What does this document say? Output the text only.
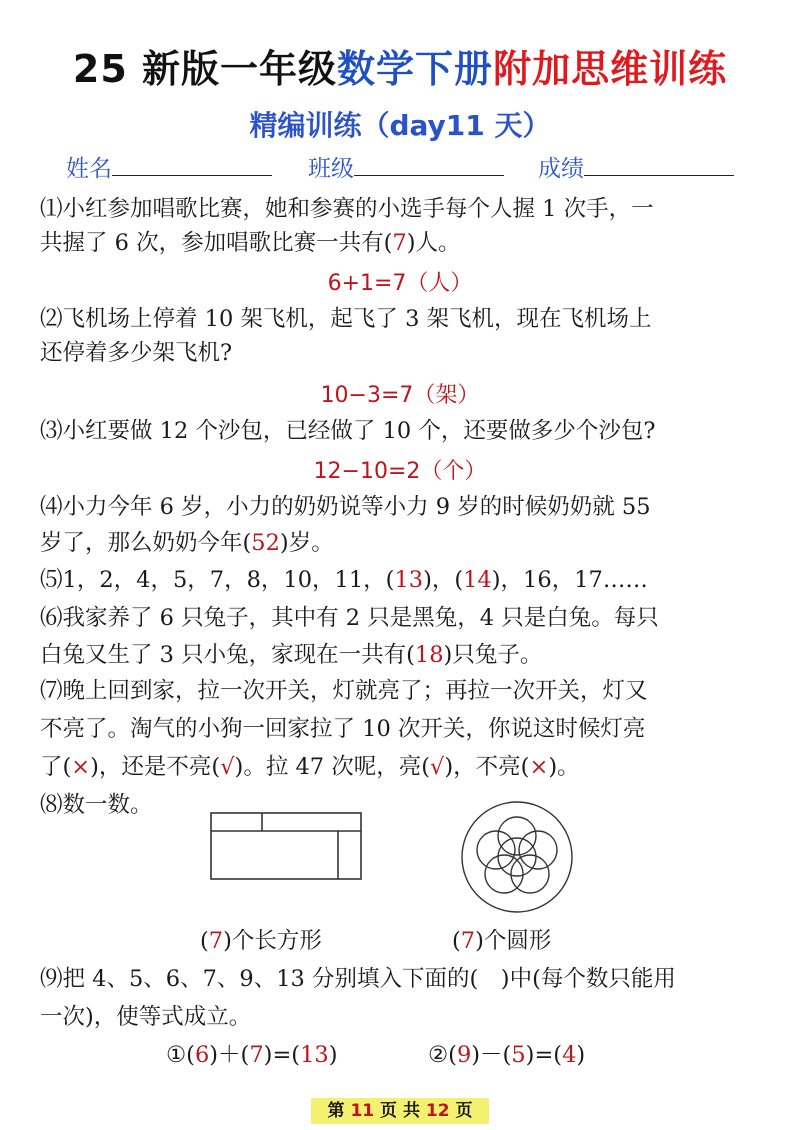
25 新版一年级数学下册附加思维训练
精编训练（day11 天）
姓名	班级	成绩
⑴小红参加唱歌比赛，她和参赛的小选手每个人握 1 次手，一
共握了 6 次，参加唱歌比赛一共有(7)人。
6+1=7（人）
⑵飞机场上停着 10 架飞机，起飞了 3 架飞机，现在飞机场上
还停着多少架飞机?
10−3=7（架）
⑶小红要做 12 个沙包，已经做了 10 个，还要做多少个沙包?
12−10=2（个）
⑷小力今年 6 岁，小力的奶奶说等小力 9 岁的时候奶奶就 55
岁了，那么奶奶今年(52)岁。
⑸1，2，4，5，7，8，10，11，(13)，(14)，16，17……
⑹我家养了 6 只兔子，其中有 2 只是黑兔，4 只是白兔。每只
白兔又生了 3 只小兔，家现在一共有(18)只兔子。
⑺晚上回到家，拉一次开关，灯就亮了；再拉一次开关，灯又
不亮了。淘气的小狗一回家拉了 10 次开关，你说这时候灯亮
了(×)，还是不亮(√)。拉 47 次呢，亮(√)，不亮(×)。
⑻数一数。
(7)个长方形	(7)个圆形
⑼把 4、5、6、7、9、13 分别填入下面的(　)中(每个数只能用
一次)，使等式成立。
①(6)＋(7)=(13)	②(9)－(5)=(4)
第 11 页 共 12 页
